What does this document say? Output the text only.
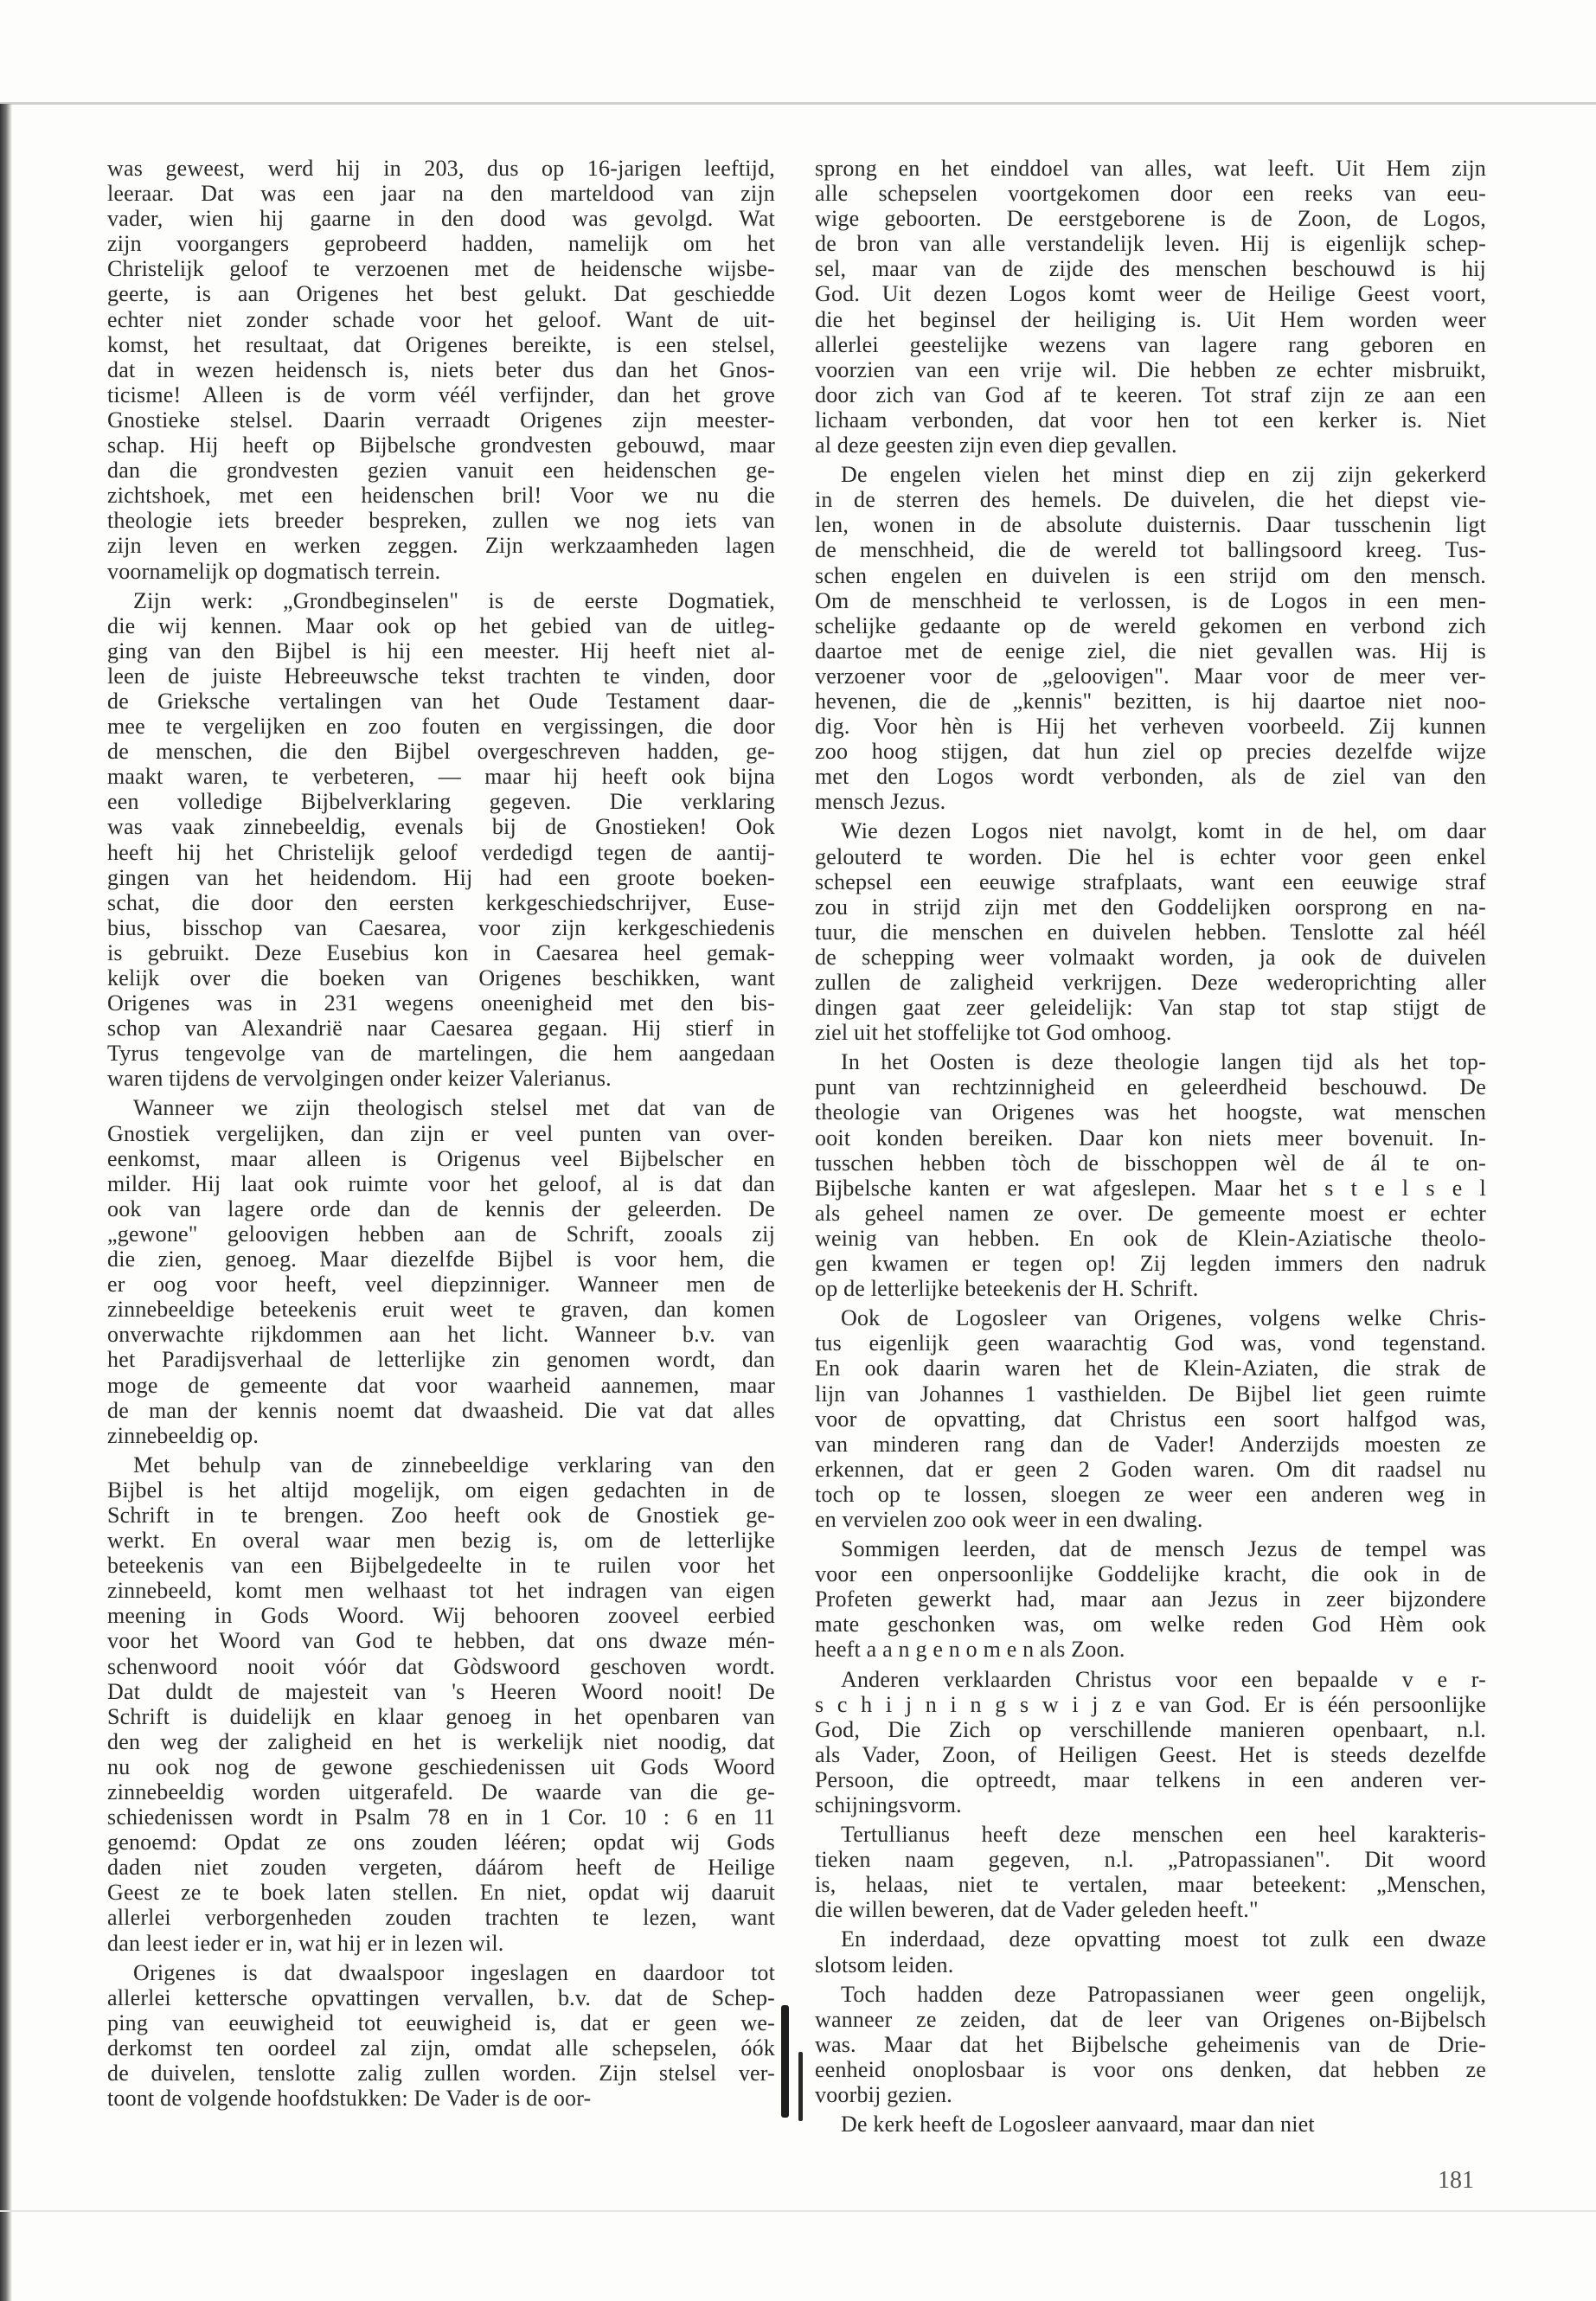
was geweest, werd hij in 203, dus op 16-jarigen leeftijd,
leeraar. Dat was een jaar na den marteldood van zijn
vader, wien hij gaarne in den dood was gevolgd. Wat
zijn voorgangers geprobeerd hadden, namelijk om het
Christelijk geloof te verzoenen met de heidensche wijsbe-
geerte, is aan Origenes het best gelukt. Dat geschiedde
echter niet zonder schade voor het geloof. Want de uit-
komst, het resultaat, dat Origenes bereikte, is een stelsel,
dat in wezen heidensch is, niets beter dus dan het Gnos-
ticisme! Alleen is de vorm véél verfijnder, dan het grove
Gnostieke stelsel. Daarin verraadt Origenes zijn meester-
schap. Hij heeft op Bijbelsche grondvesten gebouwd, maar
dan die grondvesten gezien vanuit een heidenschen ge-
zichtshoek, met een heidenschen bril! Voor we nu die
theologie iets breeder bespreken, zullen we nog iets van
zijn leven en werken zeggen. Zijn werkzaamheden lagen
voornamelijk op dogmatisch terrein.
Zijn werk: „Grondbeginselen" is de eerste Dogmatiek,
die wij kennen. Maar ook op het gebied van de uitleg-
ging van den Bijbel is hij een meester. Hij heeft niet al-
leen de juiste Hebreeuwsche tekst trachten te vinden, door
de Grieksche vertalingen van het Oude Testament daar-
mee te vergelijken en zoo fouten en vergissingen, die door
de menschen, die den Bijbel overgeschreven hadden, ge-
maakt waren, te verbeteren, — maar hij heeft ook bijna
een volledige Bijbelverklaring gegeven. Die verklaring
was vaak zinnebeeldig, evenals bij de Gnostieken! Ook
heeft hij het Christelijk geloof verdedigd tegen de aantij-
gingen van het heidendom. Hij had een groote boeken-
schat, die door den eersten kerkgeschiedschrijver, Euse-
bius, bisschop van Caesarea, voor zijn kerkgeschiedenis
is gebruikt. Deze Eusebius kon in Caesarea heel gemak-
kelijk over die boeken van Origenes beschikken, want
Origenes was in 231 wegens oneenigheid met den bis-
schop van Alexandrië naar Caesarea gegaan. Hij stierf in
Tyrus tengevolge van de martelingen, die hem aangedaan
waren tijdens de vervolgingen onder keizer Valerianus.
Wanneer we zijn theologisch stelsel met dat van de
Gnostiek vergelijken, dan zijn er veel punten van over-
eenkomst, maar alleen is Origenus veel Bijbelscher en
milder. Hij laat ook ruimte voor het geloof, al is dat dan
ook van lagere orde dan de kennis der geleerden. De
„gewone" geloovigen hebben aan de Schrift, zooals zij
die zien, genoeg. Maar diezelfde Bijbel is voor hem, die
er oog voor heeft, veel diepzinniger. Wanneer men de
zinnebeeldige beteekenis eruit weet te graven, dan komen
onverwachte rijkdommen aan het licht. Wanneer b.v. van
het Paradijsverhaal de letterlijke zin genomen wordt, dan
moge de gemeente dat voor waarheid aannemen, maar
de man der kennis noemt dat dwaasheid. Die vat dat alles
zinnebeeldig op.
Met behulp van de zinnebeeldige verklaring van den
Bijbel is het altijd mogelijk, om eigen gedachten in de
Schrift in te brengen. Zoo heeft ook de Gnostiek ge-
werkt. En overal waar men bezig is, om de letterlijke
beteekenis van een Bijbelgedeelte in te ruilen voor het
zinnebeeld, komt men welhaast tot het indragen van eigen
meening in Gods Woord. Wij behooren zooveel eerbied
voor het Woord van God te hebben, dat ons dwaze mén-
schenwoord nooit vóór dat Gòdswoord geschoven wordt.
Dat duldt de majesteit van 's Heeren Woord nooit! De
Schrift is duidelijk en klaar genoeg in het openbaren van
den weg der zaligheid en het is werkelijk niet noodig, dat
nu ook nog de gewone geschiedenissen uit Gods Woord
zinnebeeldig worden uitgerafeld. De waarde van die ge-
schiedenissen wordt in Psalm 78 en in 1 Cor. 10 : 6 en 11
genoemd: Opdat ze ons zouden lééren; opdat wij Gods
daden niet zouden vergeten, dáárom heeft de Heilige
Geest ze te boek laten stellen. En niet, opdat wij daaruit
allerlei verborgenheden zouden trachten te lezen, want
dan leest ieder er in, wat hij er in lezen wil.
Origenes is dat dwaalspoor ingeslagen en daardoor tot
allerlei kettersche opvattingen vervallen, b.v. dat de Schep-
ping van eeuwigheid tot eeuwigheid is, dat er geen we-
derkomst ten oordeel zal zijn, omdat alle schepselen, óók
de duivelen, tenslotte zalig zullen worden. Zijn stelsel ver-
toont de volgende hoofdstukken: De Vader is de oor-
sprong en het einddoel van alles, wat leeft. Uit Hem zijn
alle schepselen voortgekomen door een reeks van eeu-
wige geboorten. De eerstgeborene is de Zoon, de Logos,
de bron van alle verstandelijk leven. Hij is eigenlijk schep-
sel, maar van de zijde des menschen beschouwd is hij
God. Uit dezen Logos komt weer de Heilige Geest voort,
die het beginsel der heiliging is. Uit Hem worden weer
allerlei geestelijke wezens van lagere rang geboren en
voorzien van een vrije wil. Die hebben ze echter misbruikt,
door zich van God af te keeren. Tot straf zijn ze aan een
lichaam verbonden, dat voor hen tot een kerker is. Niet
al deze geesten zijn even diep gevallen.
De engelen vielen het minst diep en zij zijn gekerkerd
in de sterren des hemels. De duivelen, die het diepst vie-
len, wonen in de absolute duisternis. Daar tusschenin ligt
de menschheid, die de wereld tot ballingsoord kreeg. Tus-
schen engelen en duivelen is een strijd om den mensch.
Om de menschheid te verlossen, is de Logos in een men-
schelijke gedaante op de wereld gekomen en verbond zich
daartoe met de eenige ziel, die niet gevallen was. Hij is
verzoener voor de „geloovigen". Maar voor de meer ver-
hevenen, die de „kennis" bezitten, is hij daartoe niet noo-
dig. Voor hèn is Hij het verheven voorbeeld. Zij kunnen
zoo hoog stijgen, dat hun ziel op precies dezelfde wijze
met den Logos wordt verbonden, als de ziel van den
mensch Jezus.
Wie dezen Logos niet navolgt, komt in de hel, om daar
gelouterd te worden. Die hel is echter voor geen enkel
schepsel een eeuwige strafplaats, want een eeuwige straf
zou in strijd zijn met den Goddelijken oorsprong en na-
tuur, die menschen en duivelen hebben. Tenslotte zal héél
de schepping weer volmaakt worden, ja ook de duivelen
zullen de zaligheid verkrijgen. Deze wederoprichting aller
dingen gaat zeer geleidelijk: Van stap tot stap stijgt de
ziel uit het stoffelijke tot God omhoog.
In het Oosten is deze theologie langen tijd als het top-
punt van rechtzinnigheid en geleerdheid beschouwd. De
theologie van Origenes was het hoogste, wat menschen
ooit konden bereiken. Daar kon niets meer bovenuit. In-
tusschen hebben tòch de bisschoppen wèl de ál te on-
Bijbelsche kanten er wat afgeslepen. Maar het s t e l s e l
als geheel namen ze over. De gemeente moest er echter
weinig van hebben. En ook de Klein-Aziatische theolo-
gen kwamen er tegen op! Zij legden immers den nadruk
op de letterlijke beteekenis der H. Schrift.
Ook de Logosleer van Origenes, volgens welke Chris-
tus eigenlijk geen waarachtig God was, vond tegenstand.
En ook daarin waren het de Klein-Aziaten, die strak de
lijn van Johannes 1 vasthielden. De Bijbel liet geen ruimte
voor de opvatting, dat Christus een soort halfgod was,
van minderen rang dan de Vader! Anderzijds moesten ze
erkennen, dat er geen 2 Goden waren. Om dit raadsel nu
toch op te lossen, sloegen ze weer een anderen weg in
en vervielen zoo ook weer in een dwaling.
Sommigen leerden, dat de mensch Jezus de tempel was
voor een onpersoonlijke Goddelijke kracht, die ook in de
Profeten gewerkt had, maar aan Jezus in zeer bijzondere
mate geschonken was, om welke reden God Hèm ook
heeft a a n g e n o m e n als Zoon.
Anderen verklaarden Christus voor een bepaalde v e r-
s c h i j n i n g s w i j z e van God. Er is één persoonlijke
God, Die Zich op verschillende manieren openbaart, n.l.
als Vader, Zoon, of Heiligen Geest. Het is steeds dezelfde
Persoon, die optreedt, maar telkens in een anderen ver-
schijningsvorm.
Tertullianus heeft deze menschen een heel karakteris-
tieken naam gegeven, n.l. „Patropassianen". Dit woord
is, helaas, niet te vertalen, maar beteekent: „Menschen,
die willen beweren, dat de Vader geleden heeft."
En inderdaad, deze opvatting moest tot zulk een dwaze
slotsom leiden.
Toch hadden deze Patropassianen weer geen ongelijk,
wanneer ze zeiden, dat de leer van Origenes on-Bijbelsch
was. Maar dat het Bijbelsche geheimenis van de Drie-
eenheid onoplosbaar is voor ons denken, dat hebben ze
voorbij gezien.
De kerk heeft de Logosleer aanvaard, maar dan niet
181
